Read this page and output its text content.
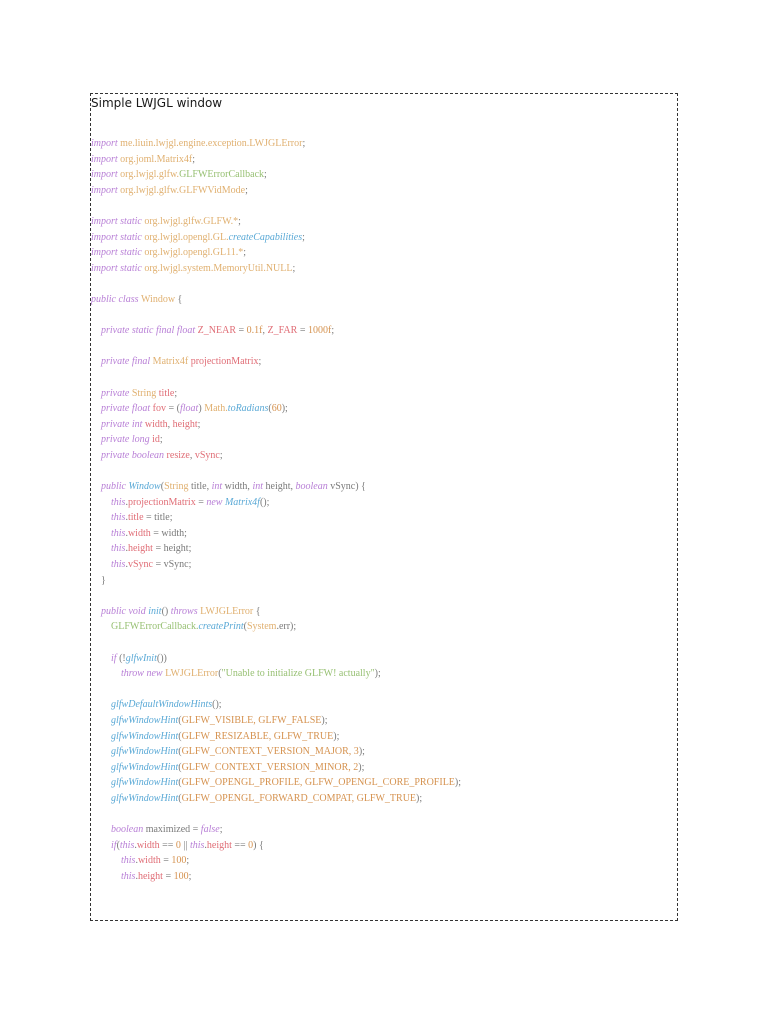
Simple LWJGL window
import me.liuin.lwjgl.engine.exception.LWJGLError;
import org.joml.Matrix4f;
import org.lwjgl.glfw.GLFWErrorCallback;
import org.lwjgl.glfw.GLFWVidMode;

import static org.lwjgl.glfw.GLFW.*;
import static org.lwjgl.opengl.GL.createCapabilities;
import static org.lwjgl.opengl.GL11.*;
import static org.lwjgl.system.MemoryUtil.NULL;

public class Window {

private static final float Z_NEAR = 0.1f, Z_FAR = 1000f;

private final Matrix4f projectionMatrix;

private String title;
private float fov = (float) Math.toRadians(60);
private int width, height;
private long id;
private boolean resize, vSync;

public Window(String title, int width, int height, boolean vSync) {
this.projectionMatrix = new Matrix4f();
this.title = title;
this.width = width;
this.height = height;
this.vSync = vSync;
}

public void init() throws LWJGLError {
GLFWErrorCallback.createPrint(System.err);

if (!glfwInit())
throw new LWJGLError("Unable to initialize GLFW! actually");

glfwDefaultWindowHints();
glfwWindowHint(GLFW_VISIBLE, GLFW_FALSE);
glfwWindowHint(GLFW_RESIZABLE, GLFW_TRUE);
glfwWindowHint(GLFW_CONTEXT_VERSION_MAJOR, 3);
glfwWindowHint(GLFW_CONTEXT_VERSION_MINOR, 2);
glfwWindowHint(GLFW_OPENGL_PROFILE, GLFW_OPENGL_CORE_PROFILE);
glfwWindowHint(GLFW_OPENGL_FORWARD_COMPAT, GLFW_TRUE);

boolean maximized = false;
if(this.width == 0 || this.height == 0) {
this.width = 100;
this.height = 100;
